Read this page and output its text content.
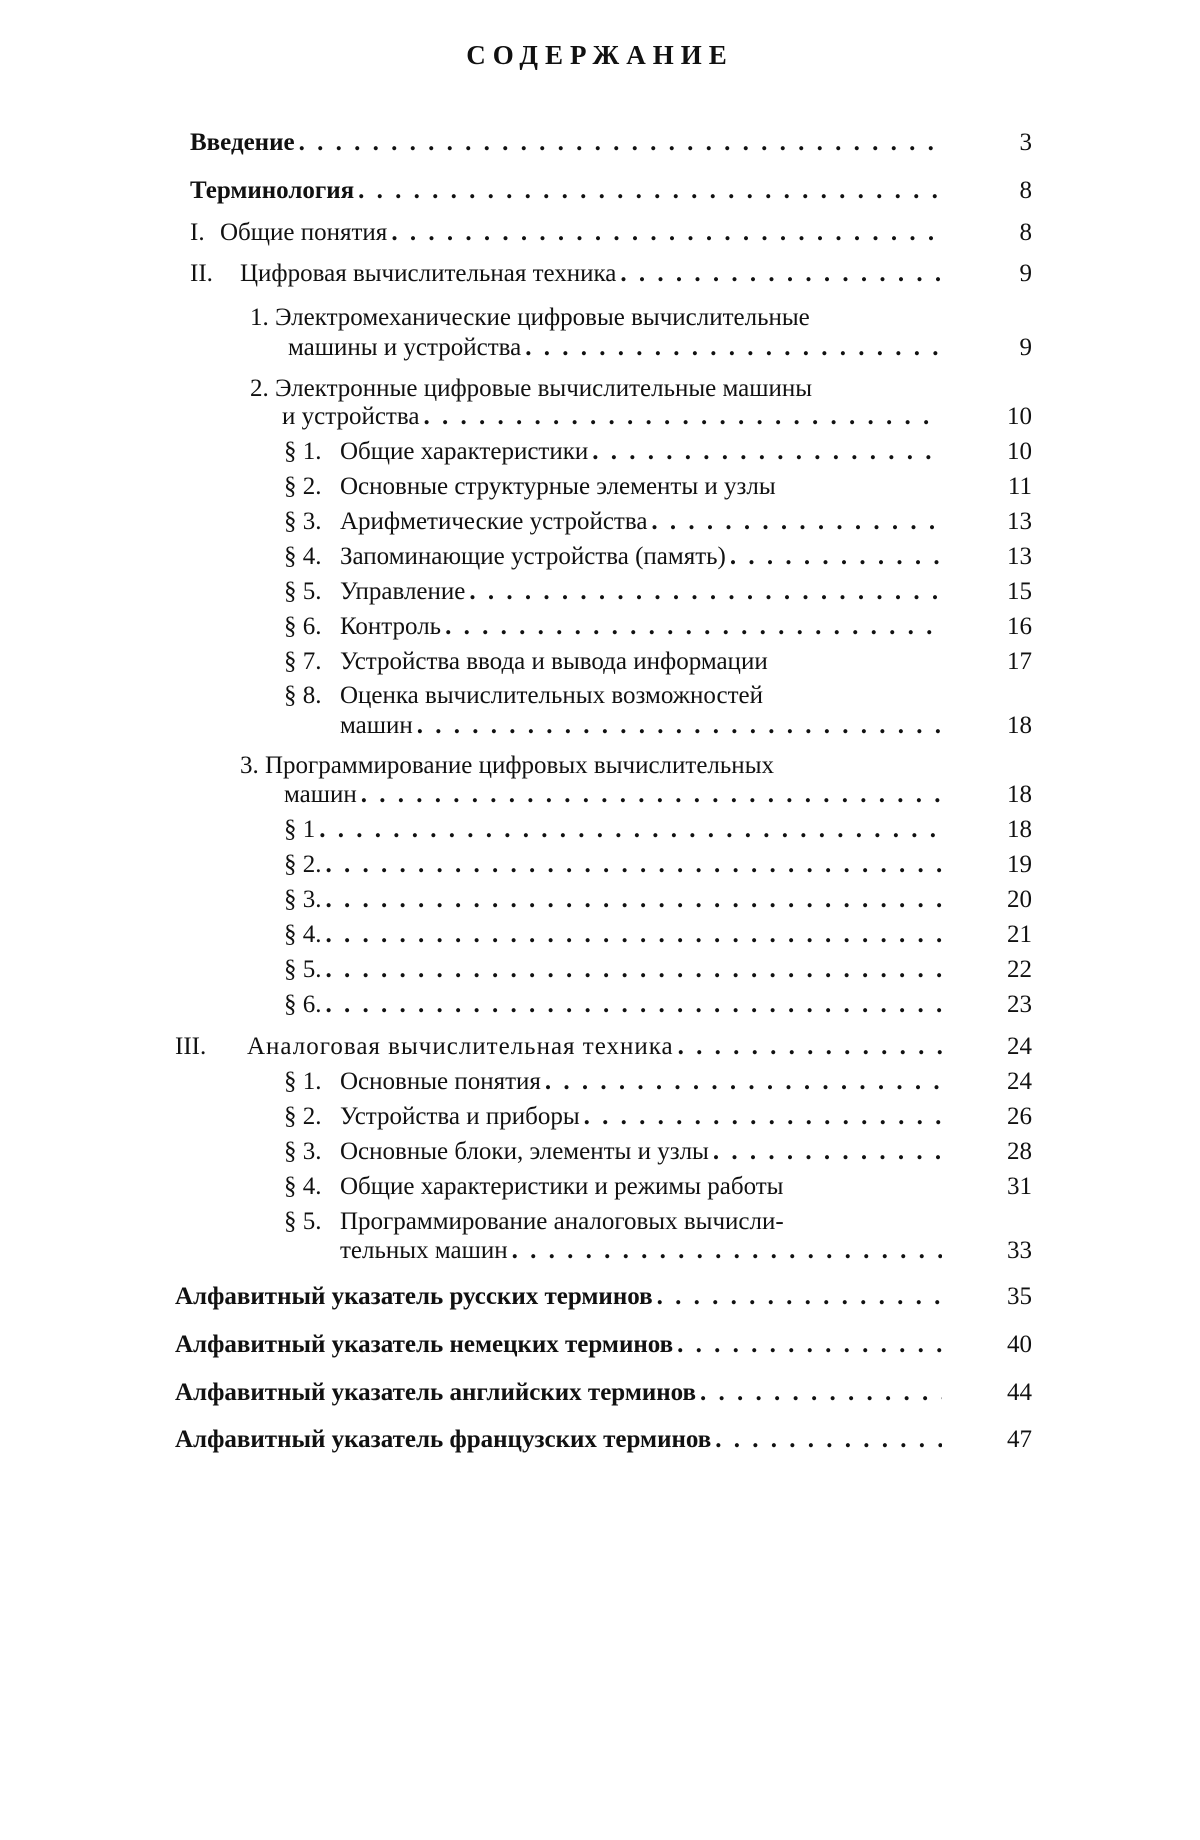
СОДЕРЖАНИЕ
Введение . . .	3
Терминология . . .	8
I. Общие понятия . . .	8
II.	Цифровая вычислительная техника . . .	9
1. Электромеханические цифровые вычислительные
машины и устройства . . .	9
2. Электронные цифровые вычислительные машины
и устройства . . .	10
§ 1. Общие характеристики . . .	10
§ 2. Основные структурные элементы и узлы	11
§ 3. Арифметические устройства . . .	13
§ 4. Запоминающие устройства (память) . . .	13
§ 5. Управление . . .	15
§ 6. Контроль . . .	16
§ 7. Устройства ввода и вывода информации	17
§ 8. Оценка вычислительных возможностей
машин . . .	18
3. Программирование цифровых вычислительных
машин . . .	18
§ 1 . . .	18
§ 2. . . .	19
§ 3. . . .	20
§ 4. . . .	21
§ 5. . . .	22
§ 6. . . .	23
III.	Аналоговая вычислительная техника . . .	24
§ 1. Основные понятия . . .	24
§ 2. Устройства и приборы . . .	26
§ 3. Основные блоки, элементы и узлы . . .	28
§ 4. Общие характеристики и режимы работы	31
§ 5. Программирование аналоговых вычисли-
тельных машин . . .	33
Алфавитный указатель русских терминов . . .	35
Алфавитный указатель немецких терминов . . .	40
Алфавитный указатель английских терминов . . .	44
Алфавитный указатель французских терминов . . .	47
